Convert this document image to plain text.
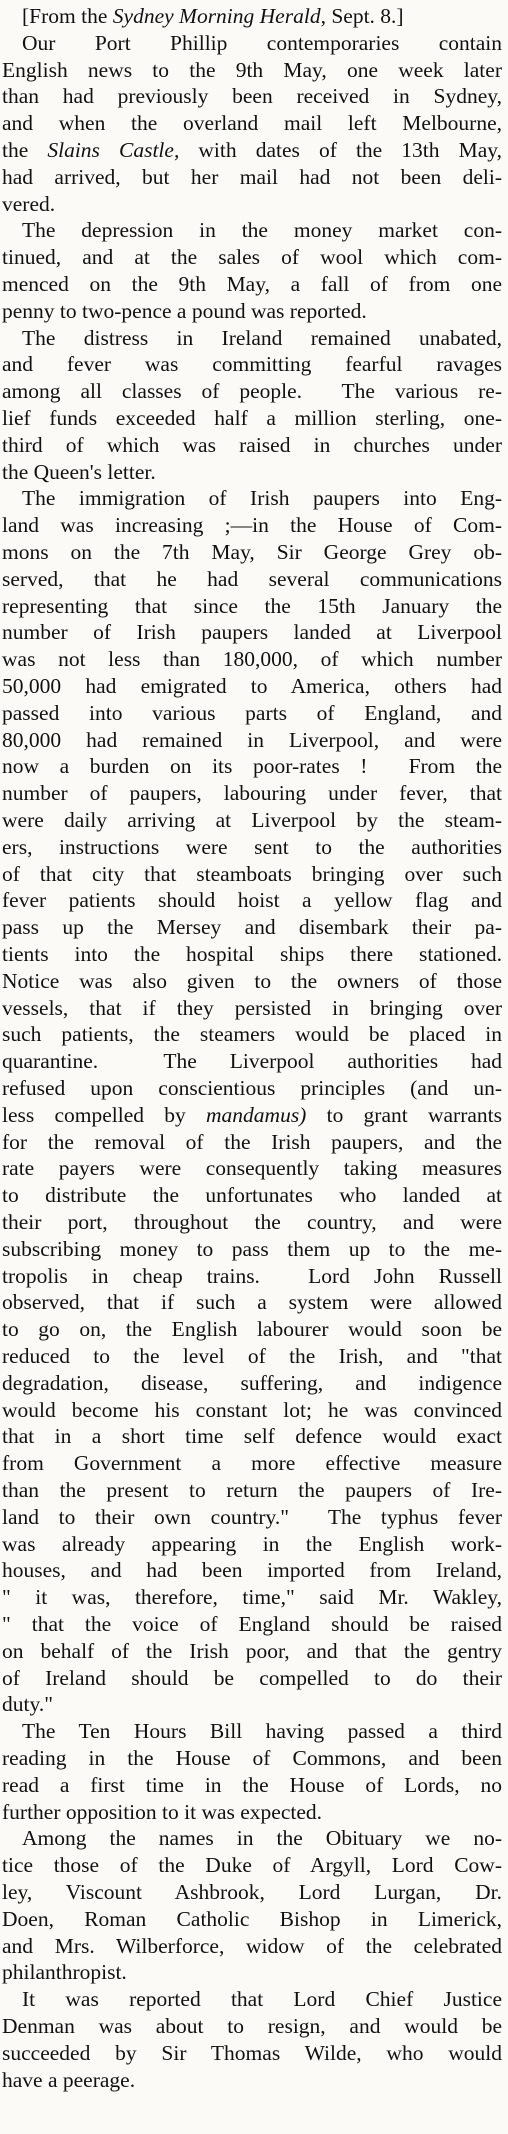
[From the Sydney Morning Herald, Sept. 8.]
Our Port Phillip contemporaries contain
English news to the 9th May, one week later
than had previously been received in Sydney,
and when the overland mail left Melbourne,
the Slains Castle, with dates of the 13th May,
had arrived, but her mail had not been deli-
vered.
The depression in the money market con-
tinued, and at the sales of wool which com-
menced on the 9th May, a fall of from one
penny to two-pence a pound was reported.
The distress in Ireland remained unabated,
and fever was committing fearful ravages
among all classes of people.  The various re-
lief funds exceeded half a million sterling, one-
third of which was raised in churches under
the Queen's letter.
The immigration of Irish paupers into Eng-
land was increasing ;—in the House of Com-
mons on the 7th May, Sir George Grey ob-
served, that he had several communications
representing that since the 15th January the
number of Irish paupers landed at Liverpool
was not less than 180,000, of which number
50,000 had emigrated to America, others had
passed into various parts of England, and
80,000 had remained in Liverpool, and were
now a burden on its poor-rates !  From the
number of paupers, labouring under fever, that
were daily arriving at Liverpool by the steam-
ers, instructions were sent to the authorities
of that city that steamboats bringing over such
fever patients should hoist a yellow flag and
pass up the Mersey and disembark their pa-
tients into the hospital ships there stationed.
Notice was also given to the owners of those
vessels, that if they persisted in bringing over
such patients, the steamers would be placed in
quarantine.  The Liverpool authorities had
refused upon conscientious principles (and un-
less compelled by mandamus) to grant warrants
for the removal of the Irish paupers, and the
rate payers were consequently taking measures
to distribute the unfortunates who landed at
their port, throughout the country, and were
subscribing money to pass them up to the me-
tropolis in cheap trains.  Lord John Russell
observed, that if such a system were allowed
to go on, the English labourer would soon be
reduced to the level of the Irish, and "that
degradation, disease, suffering, and indigence
would become his constant lot; he was convinced
that in a short time self defence would exact
from Government a more effective measure
than the present to return the paupers of Ire-
land to their own country."  The typhus fever
was already appearing in the English work-
houses, and had been imported from Ireland,
" it was, therefore, time," said Mr. Wakley,
" that the voice of England should be raised
on behalf of the Irish poor, and that the gentry
of Ireland should be compelled to do their
duty."
The Ten Hours Bill having passed a third
reading in the House of Commons, and been
read a first time in the House of Lords, no
further opposition to it was expected.
Among the names in the Obituary we no-
tice those of the Duke of Argyll, Lord Cow-
ley, Viscount Ashbrook, Lord Lurgan, Dr.
Doen, Roman Catholic Bishop in Limerick,
and Mrs. Wilberforce, widow of the celebrated
philanthropist.
It was reported that Lord Chief Justice
Denman was about to resign, and would be
succeeded by Sir Thomas Wilde, who would
have a peerage.
